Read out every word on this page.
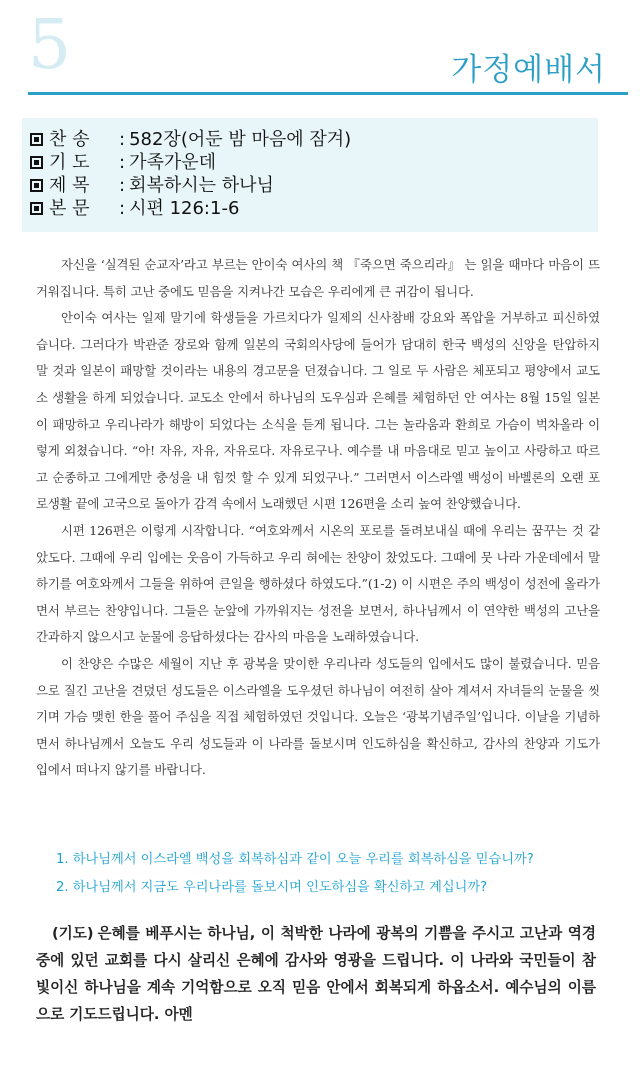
5	가정예배서
찬 송	: 582장(어둔 밤 마음에 잠겨)
기 도	: 가족가운데
제 목	: 회복하시는 하나님
본 문	: 시편 126:1-6

자신을 ‘실격된 순교자’라고 부르는 안이숙 여사의 책 『죽으면 죽으리라』 는 읽을 때마다 마음이 뜨거워집니다. 특히 고난 중에도 믿음을 지켜나간 모습은 우리에게 큰 귀감이 됩니다.

안이숙 여사는 일제 말기에 학생들을 가르치다가 일제의 신사참배 강요와 폭압을 거부하고 피신하였습니다. 그러다가 박관준 장로와 함께 일본의 국회의사당에 들어가 담대히 한국 백성의 신앙을 탄압하지 말 것과 일본이 패망할 것이라는 내용의 경고문을 던졌습니다. 그 일로 두 사람은 체포되고 평양에서 교도소 생활을 하게 되었습니다. 교도소 안에서 하나님의 도우심과 은혜를 체험하던 안 여사는 8월 15일 일본이 패망하고 우리나라가 해방이 되었다는 소식을 듣게 됩니다. 그는 놀라움과 환희로 가슴이 벅차올라 이렇게 외쳤습니다. “아! 자유, 자유, 자유로다. 자유로구나. 예수를 내 마음대로 믿고 높이고 사랑하고 따르고 순종하고 그에게만 충성을 내 힘껏 할 수 있게 되었구나.” 그러면서 이스라엘 백성이 바벨론의 오랜 포로생활 끝에 고국으로 돌아가 감격 속에서 노래했던 시편 126편을 소리 높여 찬양했습니다.

시편 126편은 이렇게 시작합니다. “여호와께서 시온의 포로를 돌려보내실 때에 우리는 꿈꾸는 것 같았도다. 그때에 우리 입에는 웃음이 가득하고 우리 혀에는 찬양이 찼었도다. 그때에 뭇 나라 가운데에서 말하기를 여호와께서 그들을 위하여 큰일을 행하셨다 하였도다.”(1-2) 이 시편은 주의 백성이 성전에 올라가면서 부르는 찬양입니다. 그들은 눈앞에 가까워지는 성전을 보면서, 하나님께서 이 연약한 백성의 고난을 간과하지 않으시고 눈물에 응답하셨다는 감사의 마음을 노래하였습니다.

이 찬양은 수많은 세월이 지난 후 광복을 맞이한 우리나라 성도들의 입에서도 많이 불렸습니다. 믿음으로 질긴 고난을 견뎠던 성도들은 이스라엘을 도우셨던 하나님이 여전히 살아 계셔서 자녀들의 눈물을 씻기며 가슴 맺힌 한을 풀어 주심을 직접 체험하였던 것입니다. 오늘은 ‘광복기념주일’입니다. 이날을 기념하면서 하나님께서 오늘도 우리 성도들과 이 나라를 돌보시며 인도하심을 확신하고, 감사의 찬양과 기도가 입에서 떠나지 않기를 바랍니다.

1. 하나님께서 이스라엘 백성을 회복하심과 같이 오늘 우리를 회복하심을 믿습니까?
2. 하나님께서 지금도 우리나라를 돌보시며 인도하심을 확신하고 계십니까?
(기도) 은혜를 베푸시는 하나님, 이 척박한 나라에 광복의 기쁨을 주시고 고난과 역경 중에 있던 교회를 다시 살리신 은혜에 감사와 영광을 드립니다. 이 나라와 국민들이 참 빛이신 하나님을 계속 기억함으로 오직 믿음 안에서 회복되게 하옵소서. 예수님의 이름으로 기도드립니다. 아멘
